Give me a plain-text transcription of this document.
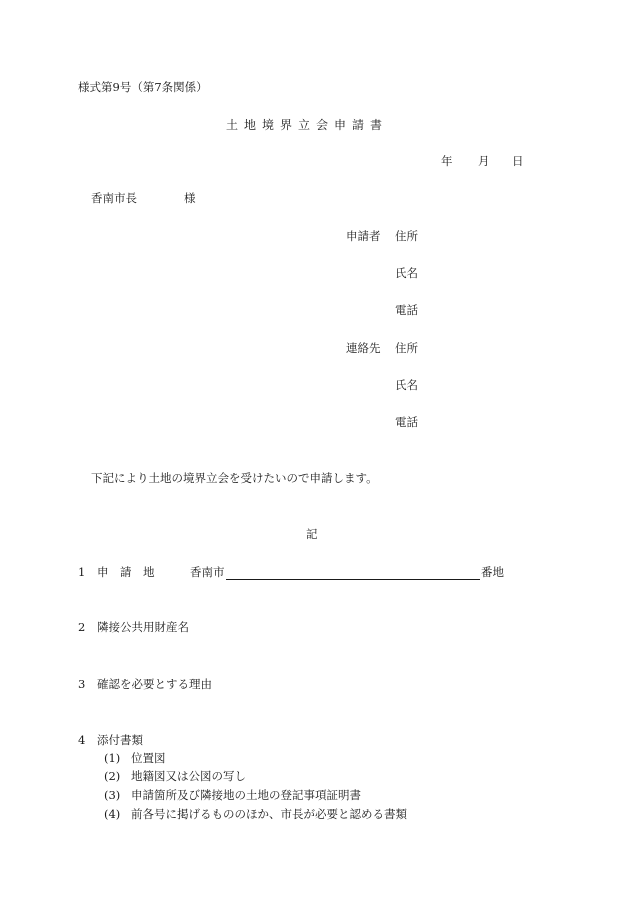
様式第9号（第7条関係）
土地境界立会申請書
年 月 日
香南市長	様
申請者 住所
氏名
電話
連絡先 住所
氏名
電話
下記により土地の境界立会を受けたいので申請します。
記
1 申　請　地	香南市	番地
2 隣接公共用財産名
3 確認を必要とする理由
4 添付書類
(1) 位置図
(2) 地籍図又は公図の写し
(3) 申請箇所及び隣接地の土地の登記事項証明書
(4) 前各号に掲げるもののほか、市長が必要と認める書類
